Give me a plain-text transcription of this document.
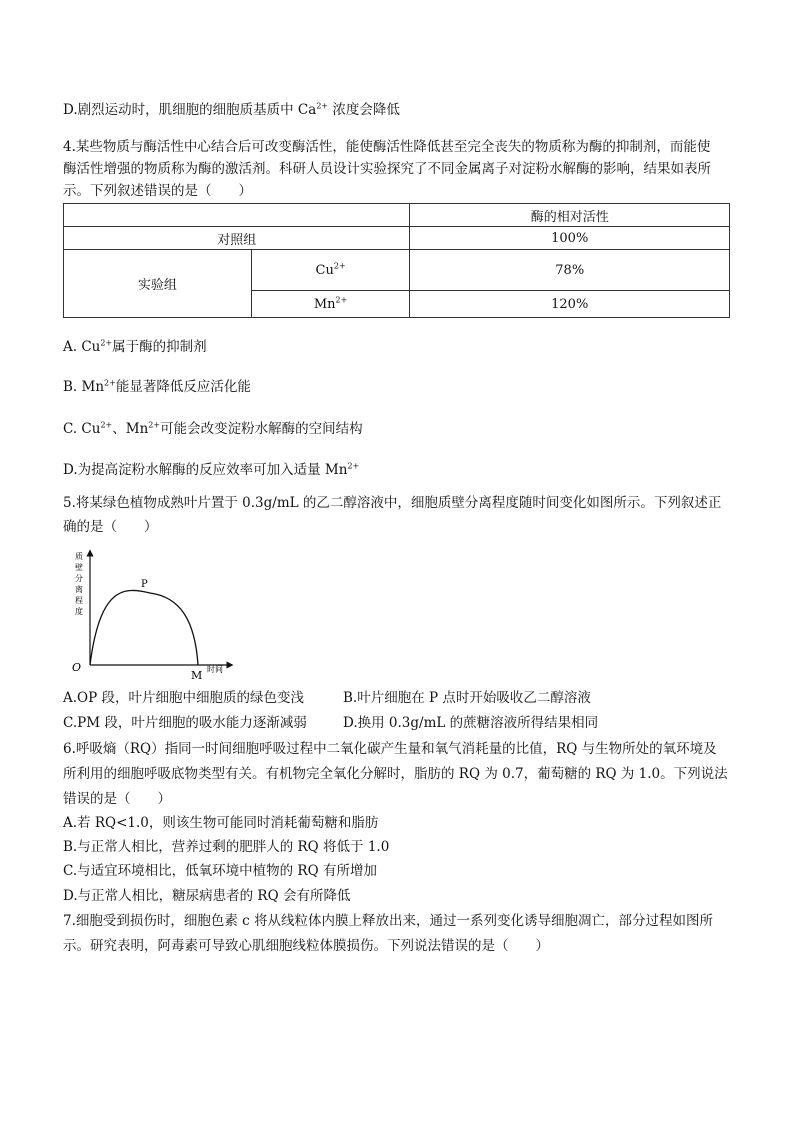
D.剧烈运动时，肌细胞的细胞质基质中 $Ca^{2+}$ 浓度会降低
4.某些物质与酶活性中心结合后可改变酶活性，能使酶活性降低甚至完全丧失的物质称为酶的抑制剂，而能使
酶活性增强的物质称为酶的激活剂。科研人员设计实验探究了不同金属离子对淀粉水解酶的影响，结果如表所
示。下列叙述错误的是（　　）
		酶的相对活性
对照组		100%
实验组	$Cu^{2+}$	78%
	$Mn^{2+}$	120%
A. $Cu^{2+}$属于酶的抑制剂
B. $Mn^{2+}$能显著降低反应活化能
C. $Cu^{2+}$、$Mn^{2+}$可能会改变淀粉水解酶的空间结构
D.为提高淀粉水解酶的反应效率可加入适量 $Mn^{2+}$
5.将某绿色植物成熟叶片置于 0.3g/mL 的乙二醇溶液中，细胞质壁分离程度随时间变化如图所示。下列叙述正
确的是（　　）
O
P
M 时间
质壁分离程度
A.OP 段，叶片细胞中细胞质的绿色变浅	B.叶片细胞在 P 点时开始吸收乙二醇溶液
C.PM 段，叶片细胞的吸水能力逐渐减弱	D.换用 0.3g/mL 的蔗糖溶液所得结果相同
6.呼吸熵（RQ）指同一时间细胞呼吸过程中二氧化碳产生量和氧气消耗量的比值，RQ 与生物所处的氧环境及
所利用的细胞呼吸底物类型有关。有机物完全氧化分解时，脂肪的 RQ 为 0.7，葡萄糖的 RQ 为 1.0。下列说法
错误的是（　　）
A.若 RQ<1.0，则该生物可能同时消耗葡萄糖和脂肪
B.与正常人相比，营养过剩的肥胖人的 RQ 将低于 1.0
C.与适宜环境相比，低氧环境中植物的 RQ 有所增加
D.与正常人相比，糖尿病患者的 RQ 会有所降低
7.细胞受到损伤时，细胞色素 c 将从线粒体内膜上释放出来，通过一系列变化诱导细胞凋亡，部分过程如图所
示。研究表明，阿毒素可导致心肌细胞线粒体膜损伤。下列说法错误的是（　　）
